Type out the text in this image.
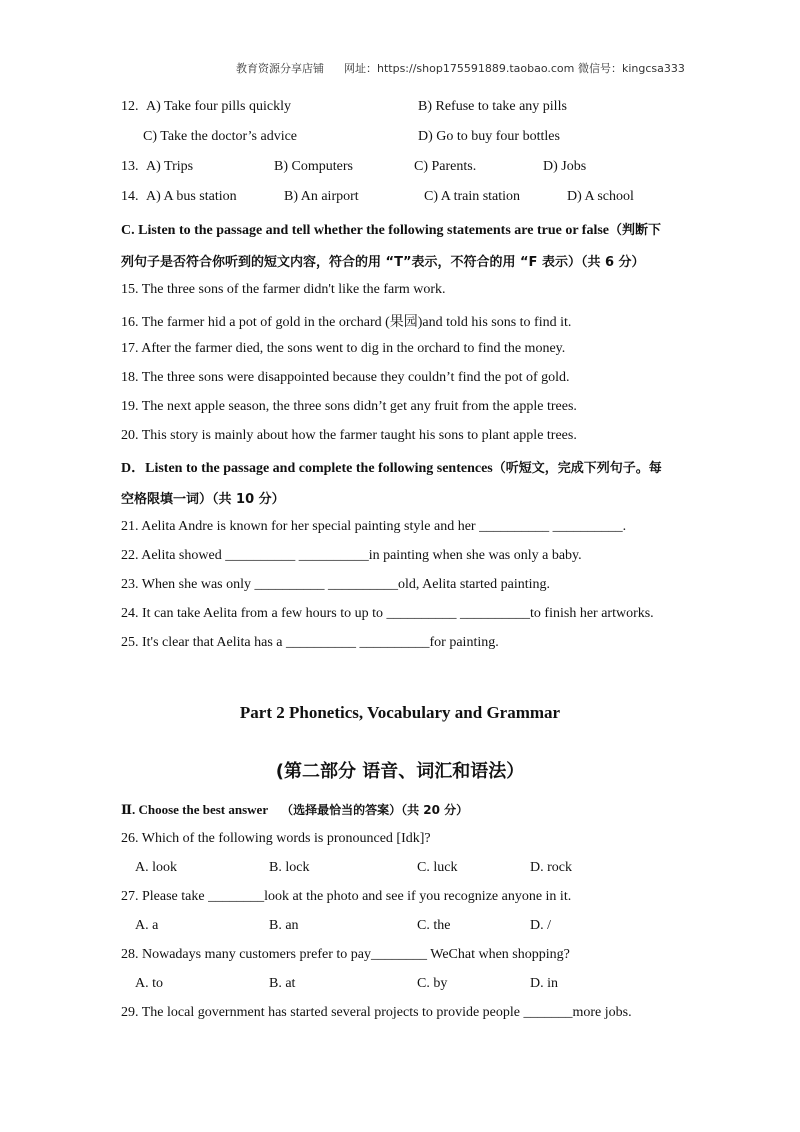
教育资源分享店铺 网址：https://shop175591889.taobao.com 微信号：kingcsa333
12. A) Take four pills quickly	B) Refuse to take any pills
C) Take the doctor’s advice	D) Go to buy four bottles
13. A) Trips	B) Computers	C) Parents.	D) Jobs
14. A) A bus station	B) An airport	C) A train station	D) A school
C. Listen to the passage and tell whether the following statements are true or false（判断下
列句子是否符合你听到的短文内容，符合的用 “T”表示，不符合的用 “F 表示）（共 6 分）
15. The three sons of the farmer didn't like the farm work.
16. The farmer hid a pot of gold in the orchard (果园)and told his sons to find it.
17. After the farmer died, the sons went to dig in the orchard to find the money.
18. The three sons were disappointed because they couldn’t find the pot of gold.
19. The next apple season, the three sons didn’t get any fruit from the apple trees.
20. This story is mainly about how the farmer taught his sons to plant apple trees.
D．Listen to the passage and complete the following sentences（听短文，完成下列句子。每
空格限填一词）（共 10 分）
21. Aelita Andre is known for her special painting style and her __________ __________.
22. Aelita showed __________ __________in painting when she was only a baby.
23. When she was only __________ __________old, Aelita started painting.
24. It can take Aelita from a few hours to up to __________ __________to finish her artworks.
25. It's clear that Aelita has a __________ __________for painting.
Part 2 Phonetics, Vocabulary and Grammar
(第二部分 语音、词汇和语法）
Ⅱ. Choose the best answer （选择最恰当的答案）（共 20 分）
26. Which of the following words is pronounced [Idk]?
A. look	B. lock	C. luck	D. rock
27. Please take ________look at the photo and see if you recognize anyone in it.
A. a	B. an	C. the	D. /
28. Nowadays many customers prefer to pay________ WeChat when shopping?
A. to	B. at	C. by	D. in
29. The local government has started several projects to provide people _______more jobs.
